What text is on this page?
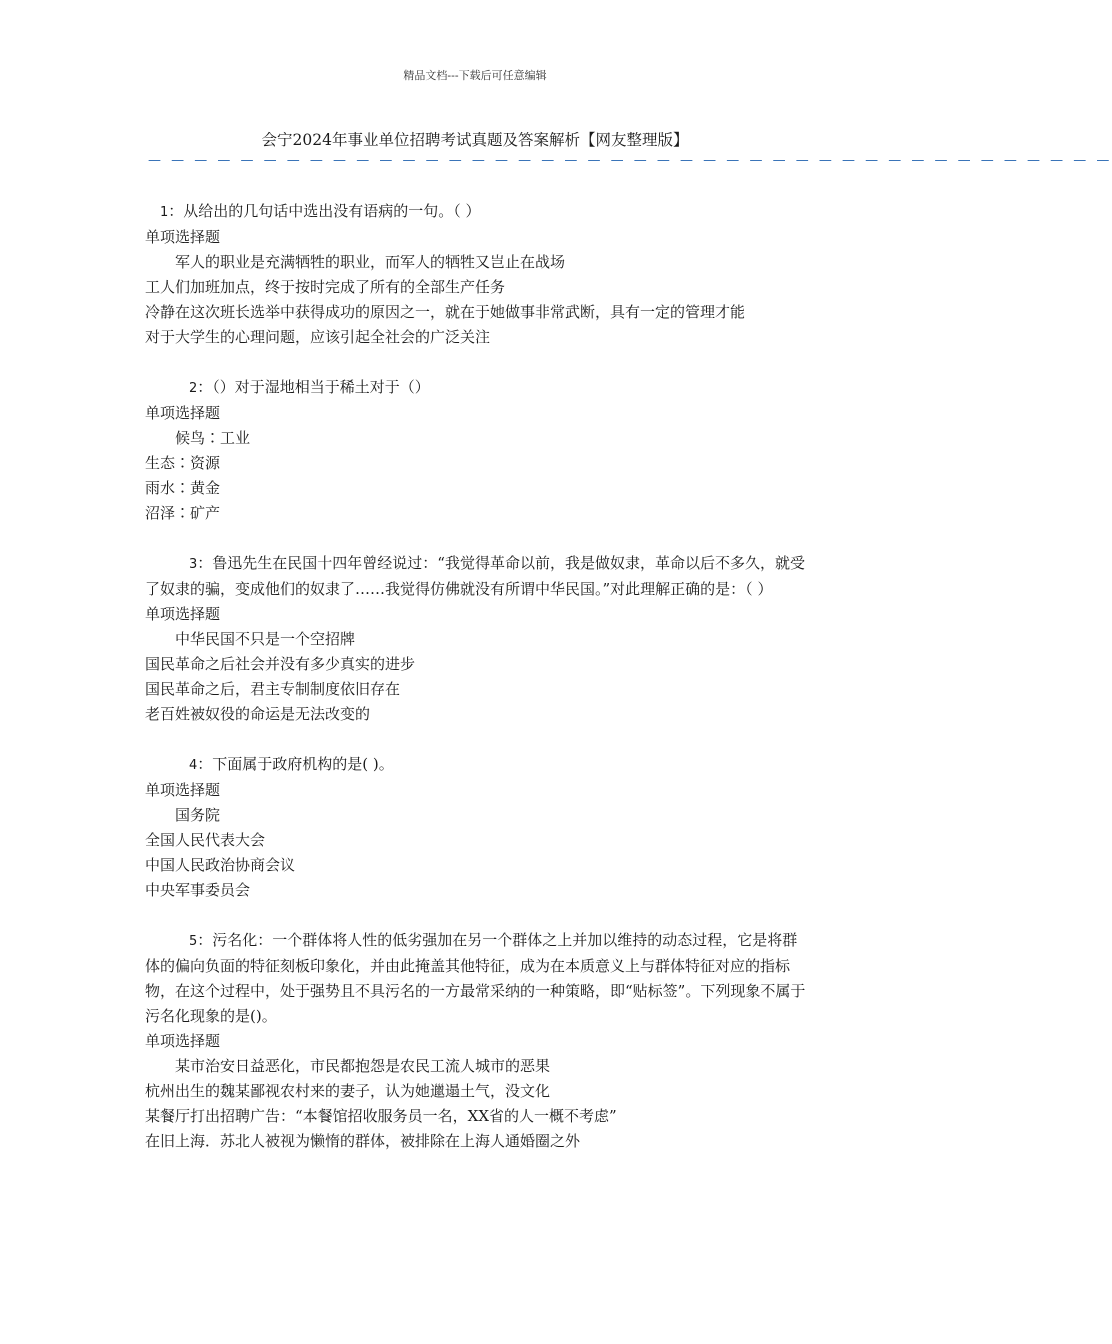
精品文档---下载后可任意编辑
会宁2024年事业单位招聘考试真题及答案解析【网友整理版】
— — — — — — — — — — — — — — — — — — — — — — — — — — — — — — — — — — — — — — — — — —
1：从给出的几句话中选出没有语病的一句。（ ）
单项选择题
军人的职业是充满牺牲的职业，而军人的牺牲又岂止在战场
工人们加班加点，终于按时完成了所有的全部生产任务
冷静在这次班长选举中获得成功的原因之一，就在于她做事非常武断，具有一定的管理才能
对于大学生的心理问题，应该引起全社会的广泛关注
2：（）对于湿地相当于稀土对于（）
单项选择题
候鸟∶工业
生态∶资源
雨水∶黄金
沼泽∶矿产
3：鲁迅先生在民国十四年曾经说过：“我觉得革命以前，我是做奴隶，革命以后不多久，就受了奴隶的骗，变成他们的奴隶了……我觉得仿佛就没有所谓中华民国。”对此理解正确的是：（ ）
单项选择题
中华民国不只是一个空招牌
国民革命之后社会并没有多少真实的进步
国民革命之后，君主专制制度依旧存在
老百姓被奴役的命运是无法改变的
4：下面属于政府机构的是( )。
单项选择题
国务院
全国人民代表大会
中国人民政治协商会议
中央军事委员会
5：污名化：一个群体将人性的低劣强加在另一个群体之上并加以维持的动态过程，它是将群体的偏向负面的特征刻板印象化，并由此掩盖其他特征，成为在本质意义上与群体特征对应的指标物，在这个过程中，处于强势且不具污名的一方最常采纳的一种策略，即“贴标签”。下列现象不属于污名化现象的是()。
单项选择题
某市治安日益恶化，市民都抱怨是农民工流人城市的恶果
杭州出生的魏某鄙视农村来的妻子，认为她邋遢土气，没文化
某餐厅打出招聘广告：“本餐馆招收服务员一名，XX省的人一概不考虑”
在旧上海．苏北人被视为懒惰的群体，被排除在上海人通婚圈之外
